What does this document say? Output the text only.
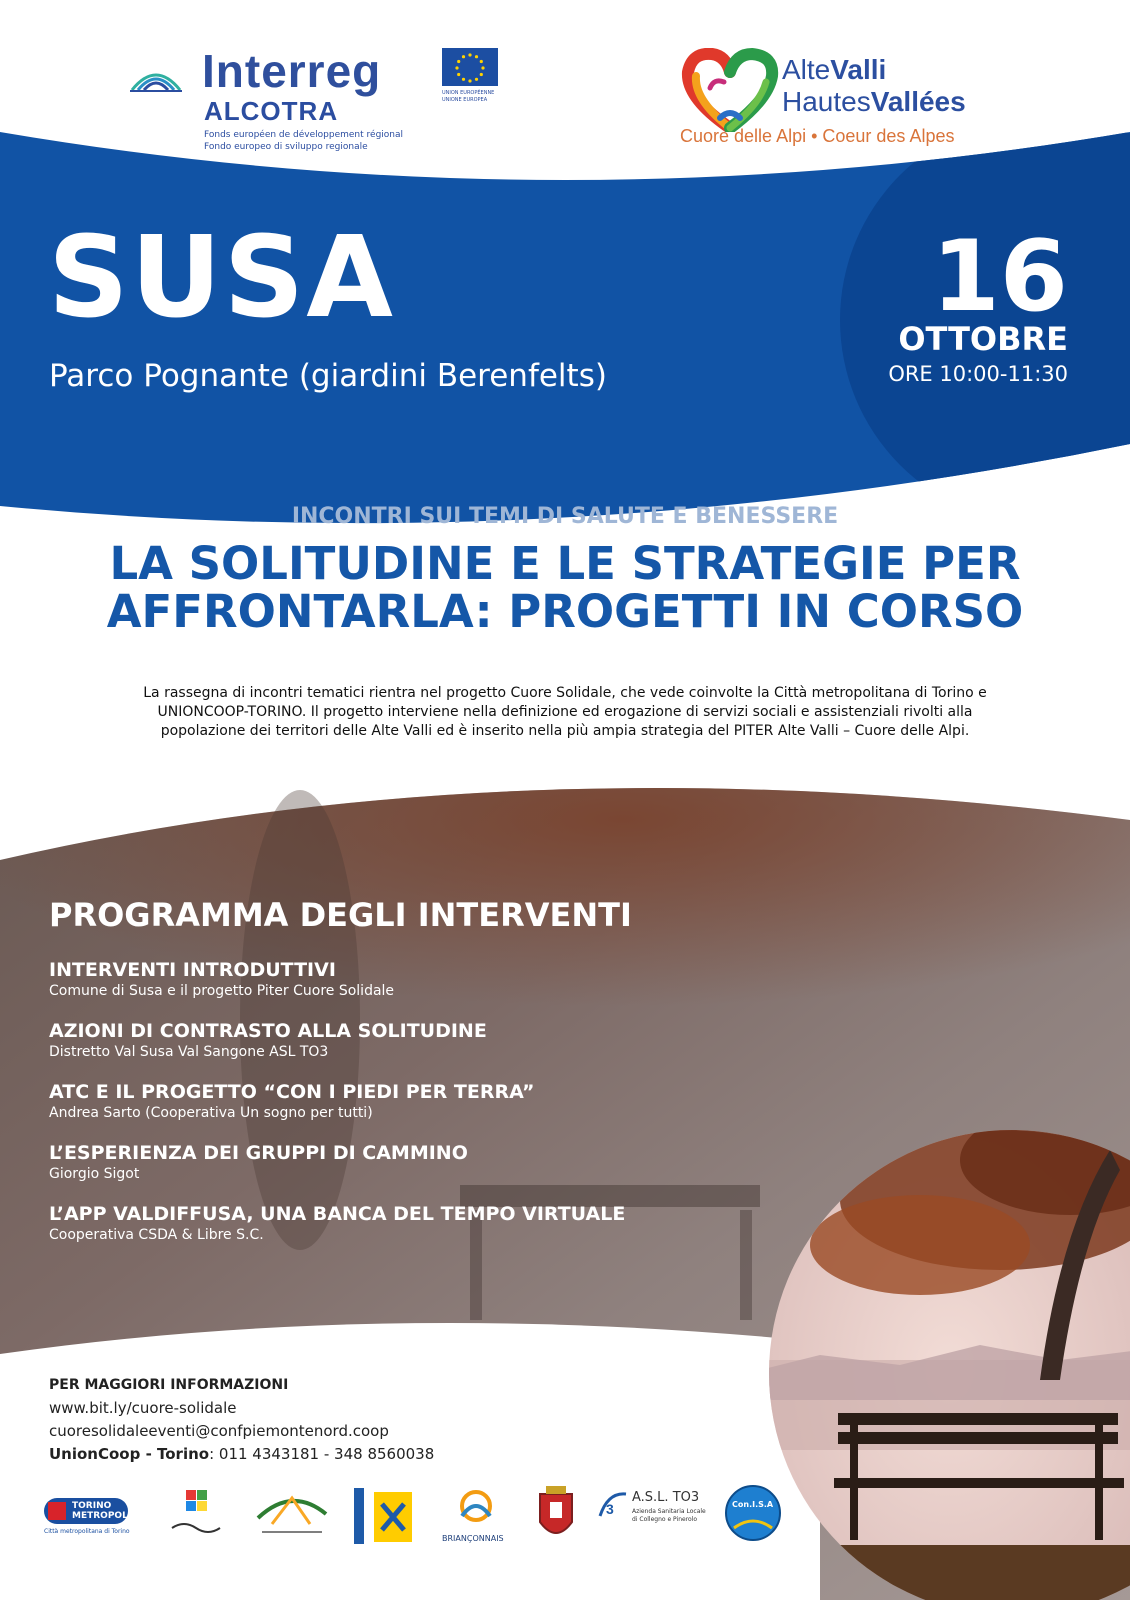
Interreg
ALCOTRA
Fonds européen de développement régional
Fondo europeo di sviluppo regionale
UNION EUROPÉENNE
UNIONE EUROPEA
AlteValli
HautesVallées
Cuore delle Alpi • Coeur des Alpes
SUSA
Parco Pognante (giardini Berenfelts)
16
OTTOBRE
ORE 10:00-11:30
INCONTRI SUI TEMI DI SALUTE E BENESSERE
LA SOLITUDINE E LE STRATEGIE PER
AFFRONTARLA: PROGETTI IN CORSO
La rassegna di incontri tematici rientra nel progetto Cuore Solidale, che vede coinvolte la Città metropolitana di Torino e
UNIONCOOP-TORINO. Il progetto interviene nella definizione ed erogazione di servizi sociali e assistenziali rivolti alla
popolazione dei territori delle Alte Valli ed è inserito nella più ampia strategia del PITER Alte Valli – Cuore delle Alpi.
PROGRAMMA DEGLI INTERVENTI
INTERVENTI INTRODUTTIVI
Comune di Susa e il progetto Piter Cuore Solidale
AZIONI DI CONTRASTO ALLA SOLITUDINE
Distretto Val Susa Val Sangone ASL TO3
ATC E IL PROGETTO “CON I PIEDI PER TERRA”
Andrea Sarto (Cooperativa Un sogno per tutti)
L’ESPERIENZA DEI GRUPPI DI CAMMINO
Giorgio Sigot
L’APP VALDIFFUSA, UNA BANCA DEL TEMPO VIRTUALE
Cooperativa CSDA & Libre S.C.
PER MAGGIORI INFORMAZIONI
www.bit.ly/cuore-solidale
cuoresolidaleeventi@confpiemontenord.coop
UnionCoop - Torino: 011 4343181 - 348 8560038
TORINO
METROPOLI
Città metropolitana di Torino
BRIANÇONNAIS
3
A.S.L. TO3
Azienda Sanitaria Locale
di Collegno e Pinerolo
Con.I.S.A
